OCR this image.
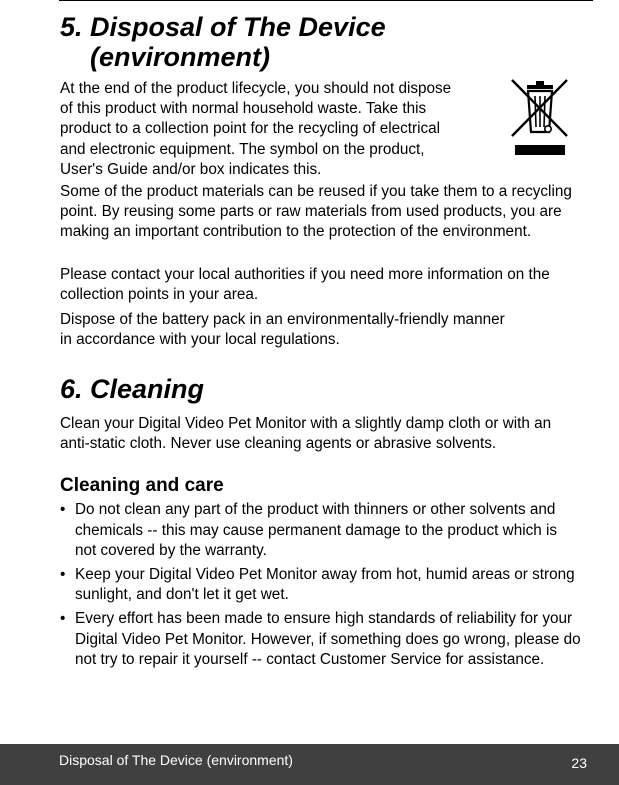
5. Disposal of The Device
(environment)

At the end of the product lifecycle, you should not dispose
of this product with normal household waste. Take this
product to a collection point for the recycling of electrical
and electronic equipment. The symbol on the product,
User's Guide and/or box indicates this.

Some of the product materials can be reused if you take them to a recycling point. By reusing some parts or raw materials from used products, you are making an important contribution to the protection of the environment.

Please contact your local authorities if you need more information on the collection points in your area.

Dispose of the battery pack in an environmentally-friendly manner
in accordance with your local regulations.

6. Cleaning

Clean your Digital Video Pet Monitor with a slightly damp cloth or with an anti-static cloth. Never use cleaning agents or abrasive solvents.

Cleaning and care
• Do not clean any part of the product with thinners or other solvents and chemicals -- this may cause permanent damage to the product which is not covered by the warranty.
• Keep your Digital Video Pet Monitor away from hot, humid areas or strong sunlight, and don't let it get wet.
• Every effort has been made to ensure high standards of reliability for your Digital Video Pet Monitor. However, if something does go wrong, please do not try to repair it yourself -- contact Customer Service for assistance.
Disposal of The Device (environment)	23
